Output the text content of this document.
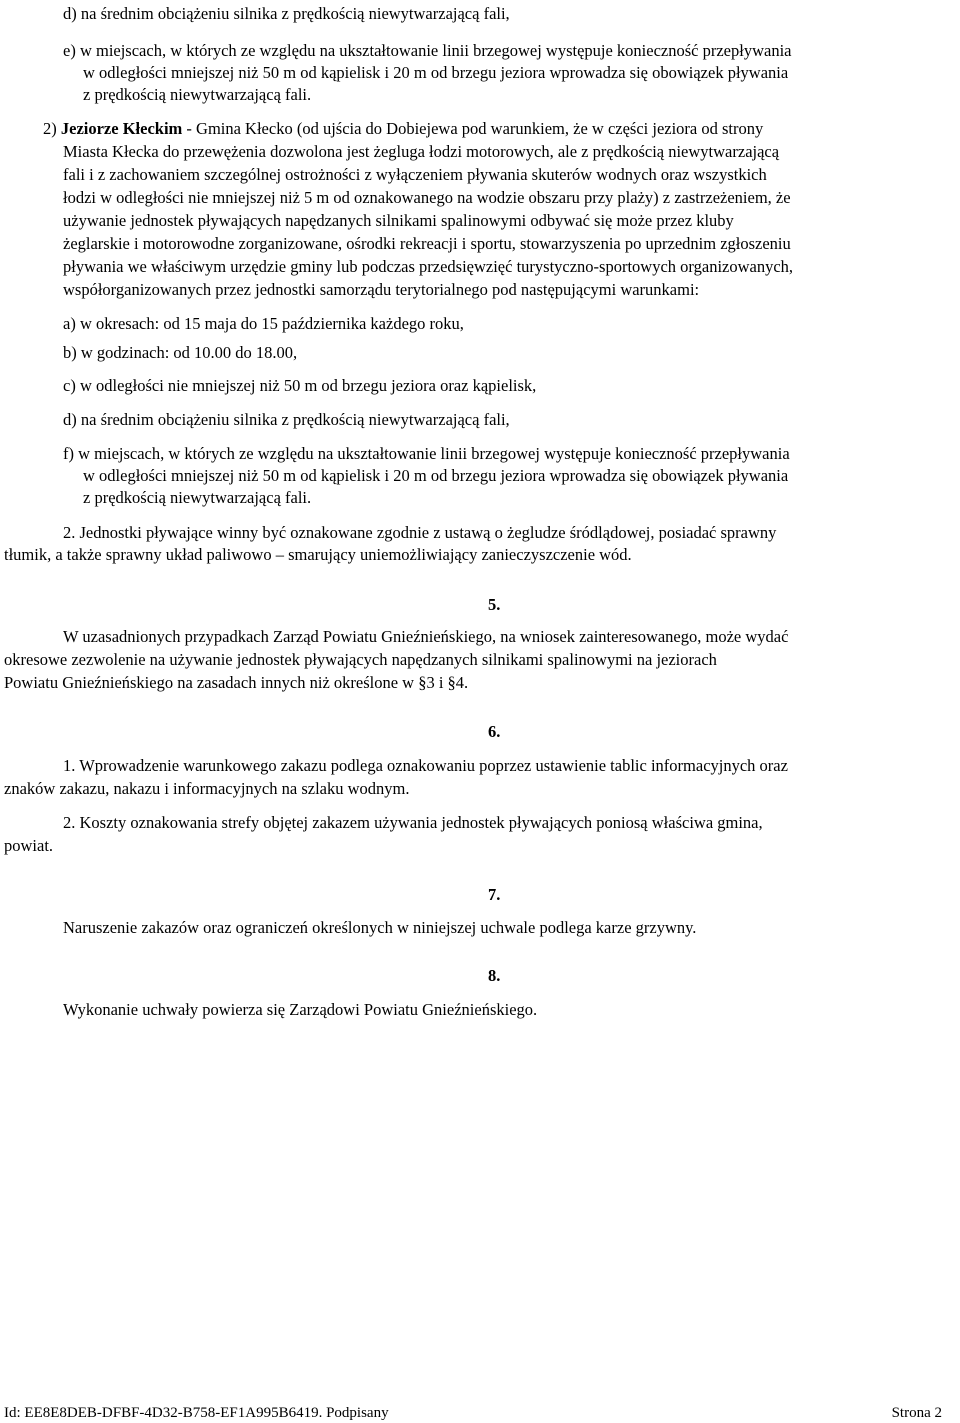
d) na średnim obciążeniu silnika z prędkością niewytwarzającą fali,
e) w miejscach, w których ze względu na ukształtowanie linii brzegowej występuje konieczność przepływania
w odległości mniejszej niż 50 m od kąpielisk i 20 m od brzegu jeziora wprowadza się obowiązek pływania
z prędkością niewytwarzającą fali.
2) Jeziorze Kłeckim - Gmina Kłecko (od ujścia do Dobiejewa pod warunkiem, że w części jeziora od strony
Miasta Kłecka do przewężenia dozwolona jest żegluga łodzi motorowych, ale z prędkością niewytwarzającą
fali i z zachowaniem szczególnej ostrożności z wyłączeniem pływania skuterów wodnych oraz wszystkich
łodzi w odległości nie mniejszej niż 5 m od oznakowanego na wodzie obszaru przy plaży) z zastrzeżeniem, że
używanie jednostek pływających napędzanych silnikami spalinowymi odbywać się może przez kluby
żeglarskie i motorowodne zorganizowane, ośrodki rekreacji i sportu, stowarzyszenia po uprzednim zgłoszeniu
pływania we właściwym urzędzie gminy lub podczas przedsięwzięć turystyczno-sportowych organizowanych,
współorganizowanych przez jednostki samorządu terytorialnego pod następującymi warunkami:
a) w okresach: od 15 maja do 15 października każdego roku,
b) w godzinach: od 10.00 do 18.00,
c) w odległości nie mniejszej niż 50 m od brzegu jeziora oraz kąpielisk,
d) na średnim obciążeniu silnika z prędkością niewytwarzającą fali,
f) w miejscach, w których ze względu na ukształtowanie linii brzegowej występuje konieczność przepływania
w odległości mniejszej niż 50 m od kąpielisk i 20 m od brzegu jeziora wprowadza się obowiązek pływania
z prędkością niewytwarzającą fali.
2. Jednostki pływające winny być oznakowane zgodnie z ustawą o żegludze śródlądowej, posiadać sprawny
tłumik, a także sprawny układ paliwowo – smarujący uniemożliwiający zanieczyszczenie wód.
5.
W uzasadnionych przypadkach Zarząd Powiatu Gnieźnieńskiego, na wniosek zainteresowanego, może wydać
okresowe zezwolenie na używanie jednostek pływających napędzanych silnikami spalinowymi na jeziorach
Powiatu Gnieźnieńskiego na zasadach innych niż określone w §3 i §4.
6.
1. Wprowadzenie warunkowego zakazu podlega oznakowaniu poprzez ustawienie tablic informacyjnych oraz
znaków zakazu, nakazu i informacyjnych na szlaku wodnym.
2. Koszty oznakowania strefy objętej zakazem używania jednostek pływających poniosą właściwa gmina,
powiat.
7.
Naruszenie zakazów oraz ograniczeń określonych w niniejszej uchwale podlega karze grzywny.
8.
Wykonanie uchwały powierza się Zarządowi Powiatu Gnieźnieńskiego.
Id: EE8E8DEB-DFBF-4D32-B758-EF1A995B6419. Podpisany	Strona 2
